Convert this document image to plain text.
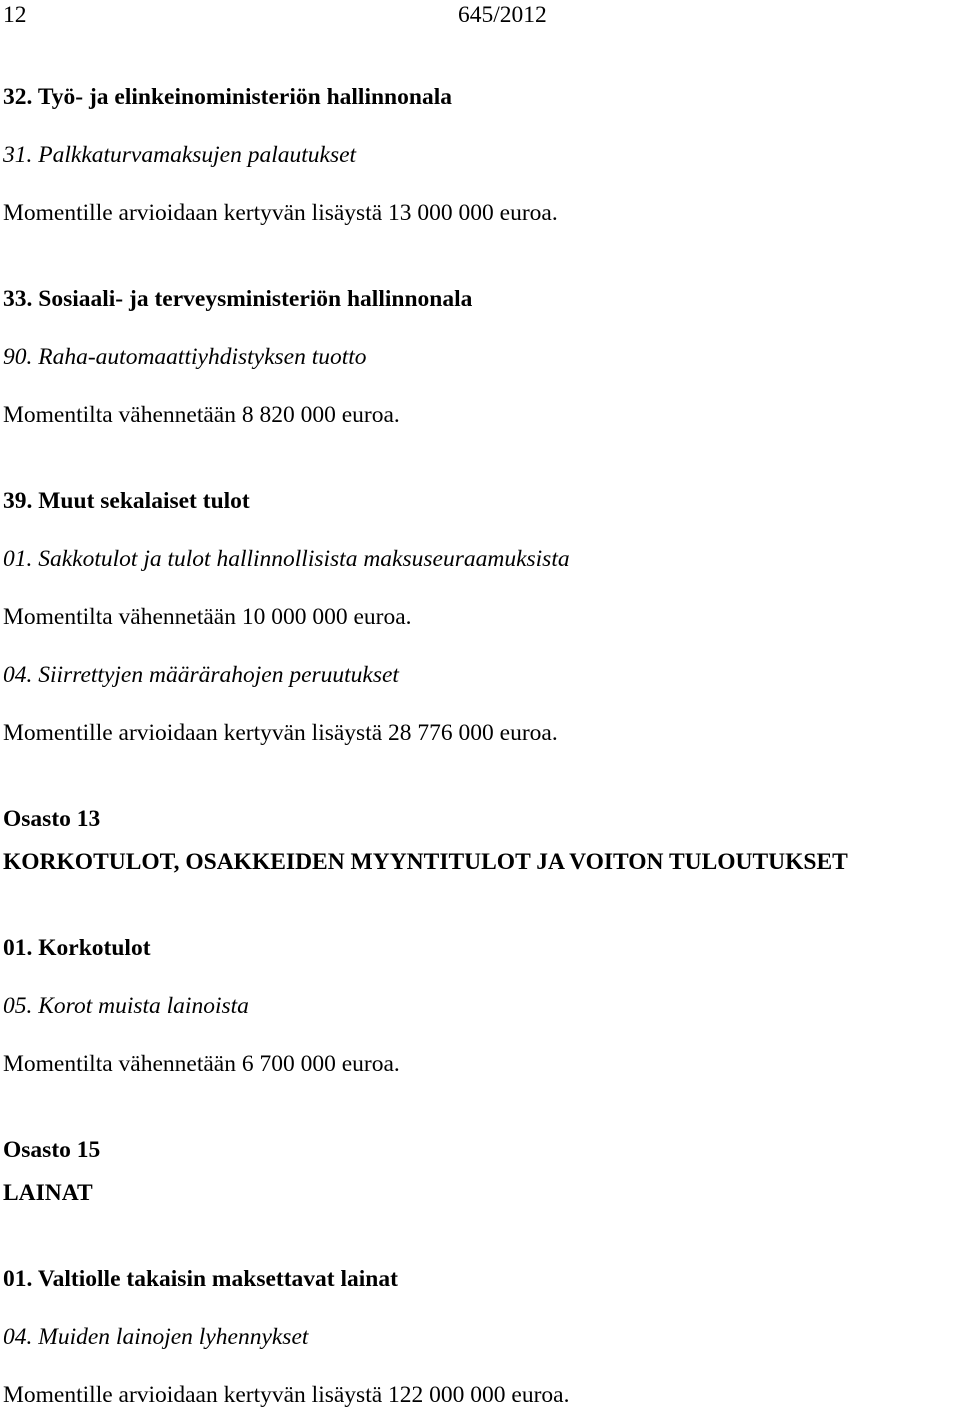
12	645/2012

32. Työ- ja elinkeinoministeriön hallinnonala

31. Palkkaturvamaksujen palautukset

Momentille arvioidaan kertyvän lisäystä 13 000 000 euroa.

33. Sosiaali- ja terveysministeriön hallinnonala

90. Raha-automaattiyhdistyksen tuotto

Momentilta vähennetään 8 820 000 euroa.

39. Muut sekalaiset tulot

01. Sakkotulot ja tulot hallinnollisista maksuseuraamuksista

Momentilta vähennetään 10 000 000 euroa.

04. Siirrettyjen määrärahojen peruutukset

Momentille arvioidaan kertyvän lisäystä 28 776 000 euroa.

Osasto 13

KORKOTULOT, OSAKKEIDEN MYYNTITULOT JA VOITON TULOUTUKSET

01. Korkotulot

05. Korot muista lainoista

Momentilta vähennetään 6 700 000 euroa.

Osasto 15

LAINAT

01. Valtiolle takaisin maksettavat lainat

04. Muiden lainojen lyhennykset

Momentille arvioidaan kertyvän lisäystä 122 000 000 euroa.
